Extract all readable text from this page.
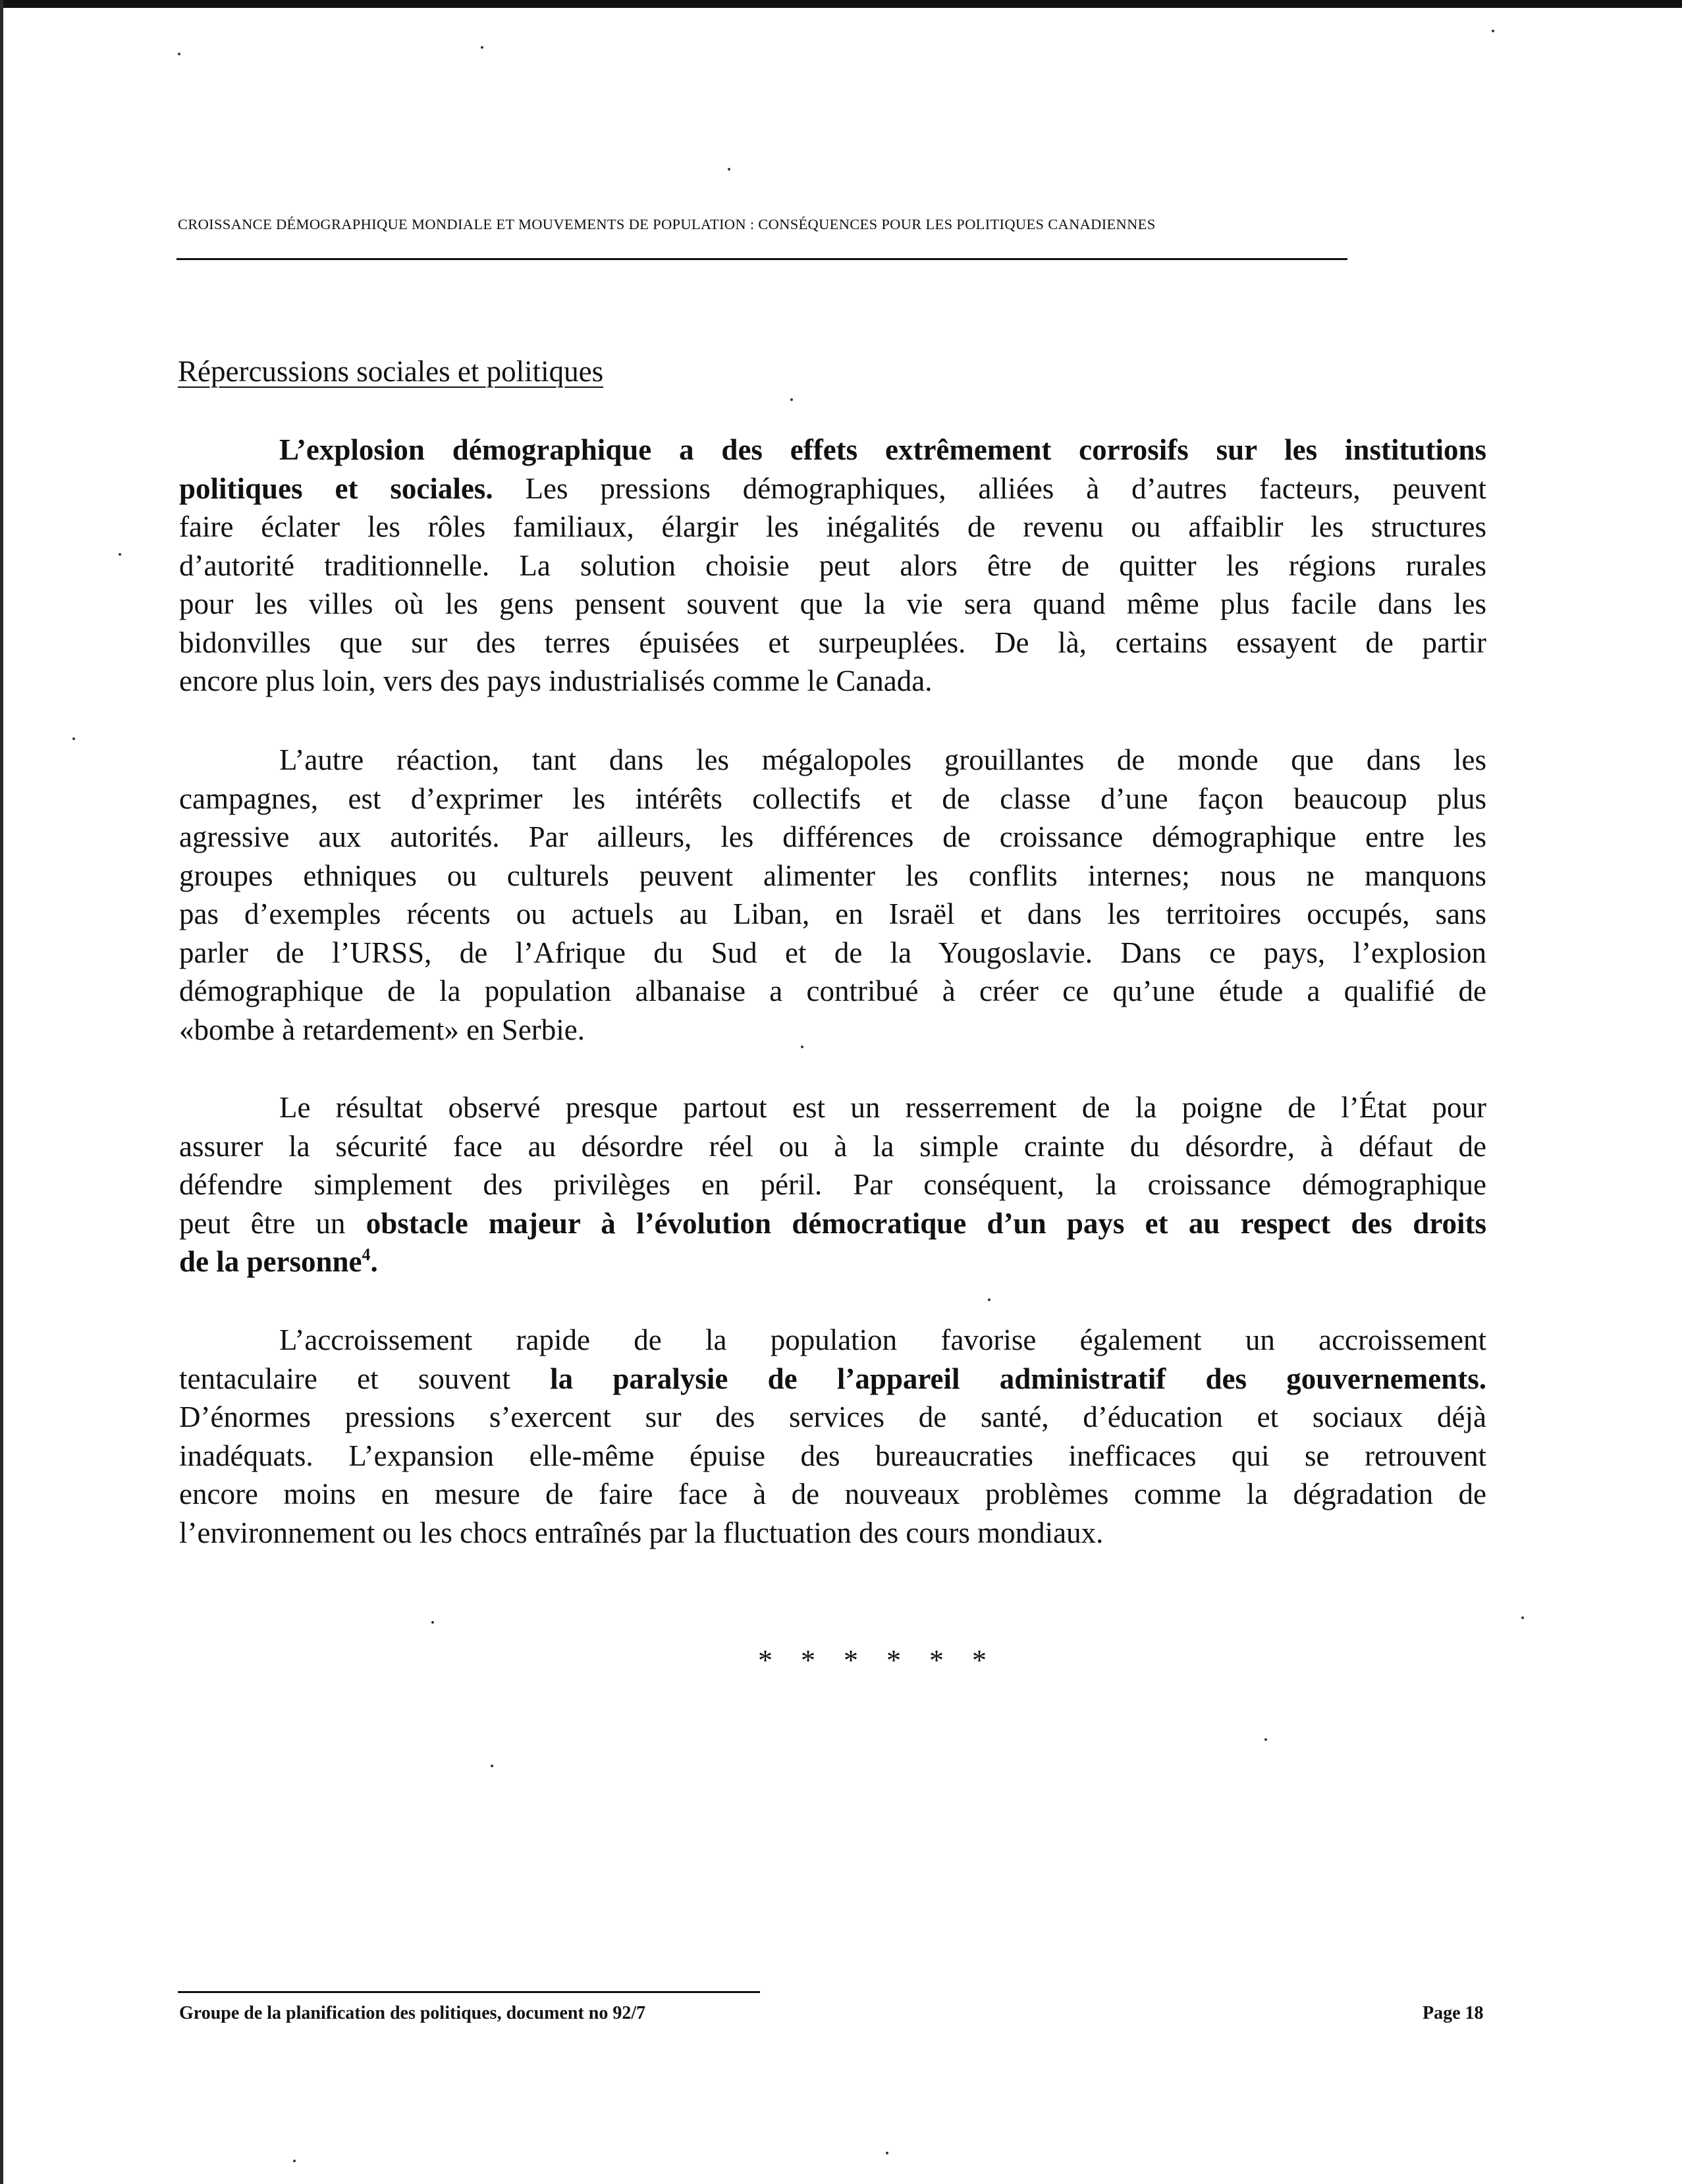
CROISSANCE DÉMOGRAPHIQUE MONDIALE ET MOUVEMENTS DE POPULATION : CONSÉQUENCES POUR LES POLITIQUES CANADIENNES
Répercussions sociales et politiques
L’explosion démographique a des effets extrêmement corrosifs sur les institutions
politiques et sociales. Les pressions démographiques, alliées à d’autres facteurs, peuvent
faire éclater les rôles familiaux, élargir les inégalités de revenu ou affaiblir les structures
d’autorité traditionnelle. La solution choisie peut alors être de quitter les régions rurales
pour les villes où les gens pensent souvent que la vie sera quand même plus facile dans les
bidonvilles que sur des terres épuisées et surpeuplées. De là, certains essayent de partir
encore plus loin, vers des pays industrialisés comme le Canada.
L’autre réaction, tant dans les mégalopoles grouillantes de monde que dans les
campagnes, est d’exprimer les intérêts collectifs et de classe d’une façon beaucoup plus
agressive aux autorités. Par ailleurs, les différences de croissance démographique entre les
groupes ethniques ou culturels peuvent alimenter les conflits internes; nous ne manquons
pas d’exemples récents ou actuels au Liban, en Israël et dans les territoires occupés, sans
parler de l’URSS, de l’Afrique du Sud et de la Yougoslavie. Dans ce pays, l’explosion
démographique de la population albanaise a contribué à créer ce qu’une étude a qualifié de
«bombe à retardement» en Serbie.
Le résultat observé presque partout est un resserrement de la poigne de l’État pour
assurer la sécurité face au désordre réel ou à la simple crainte du désordre, à défaut de
défendre simplement des privilèges en péril. Par conséquent, la croissance démographique
peut être un obstacle majeur à l’évolution démocratique d’un pays et au respect des droits
de la personne$^4$.
L’accroissement rapide de la population favorise également un accroissement
tentaculaire et souvent la paralysie de l’appareil administratif des gouvernements.
D’énormes pressions s’exercent sur des services de santé, d’éducation et sociaux déjà
inadéquats. L’expansion elle-même épuise des bureaucraties inefficaces qui se retrouvent
encore moins en mesure de faire face à de nouveaux problèmes comme la dégradation de
l’environnement ou les chocs entraînés par la fluctuation des cours mondiaux.
* * * * * *
Groupe de la planification des politiques, document no 92/7	Page 18
